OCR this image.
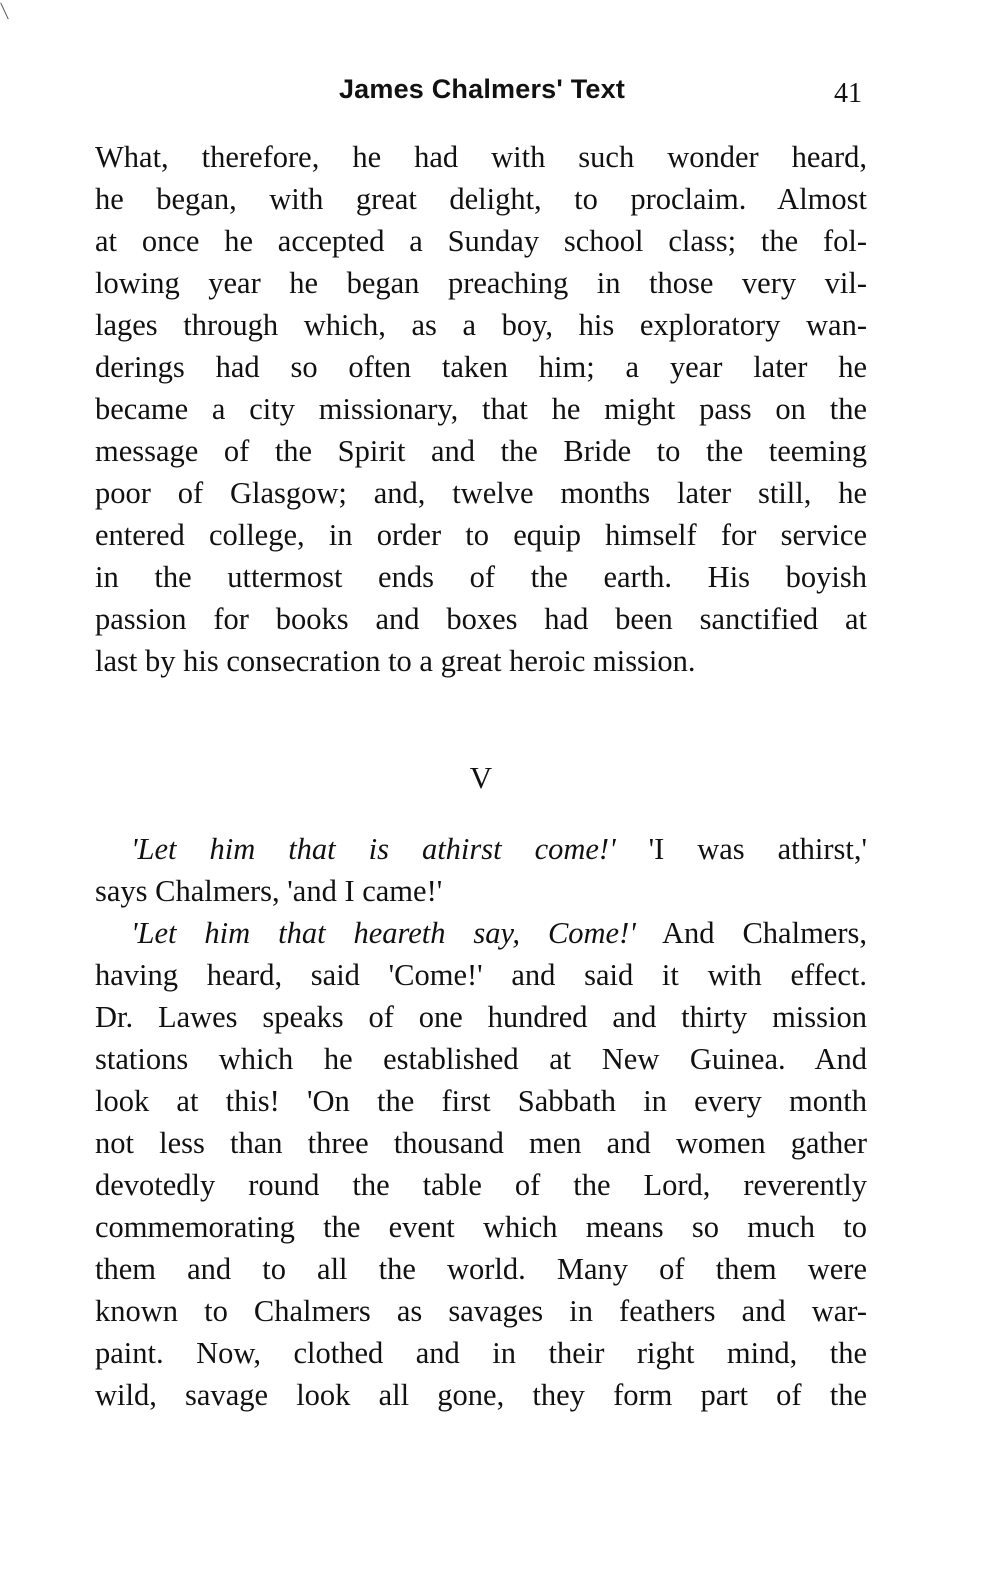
James Chalmers' Text	41

What, therefore, he had with such wonder heard,
he began, with great delight, to proclaim. Almost
at once he accepted a Sunday school class; the fol-
lowing year he began preaching in those very vil-
lages through which, as a boy, his exploratory wan-
derings had so often taken him; a year later he
became a city missionary, that he might pass on the
message of the Spirit and the Bride to the teeming
poor of Glasgow; and, twelve months later still, he
entered college, in order to equip himself for service
in the uttermost ends of the earth. His boyish
passion for books and boxes had been sanctified at
last by his consecration to a great heroic mission.

V

'Let him that is athirst come!' 'I was athirst,'
says Chalmers, 'and I came!'

'Let him that heareth say, Come!' And Chalmers,
having heard, said 'Come!' and said it with effect.
Dr. Lawes speaks of one hundred and thirty mission
stations which he established at New Guinea. And
look at this! 'On the first Sabbath in every month
not less than three thousand men and women gather
devotedly round the table of the Lord, reverently
commemorating the event which means so much to
them and to all the world. Many of them were
known to Chalmers as savages in feathers and war-
paint. Now, clothed and in their right mind, the
wild, savage look all gone, they form part of the
